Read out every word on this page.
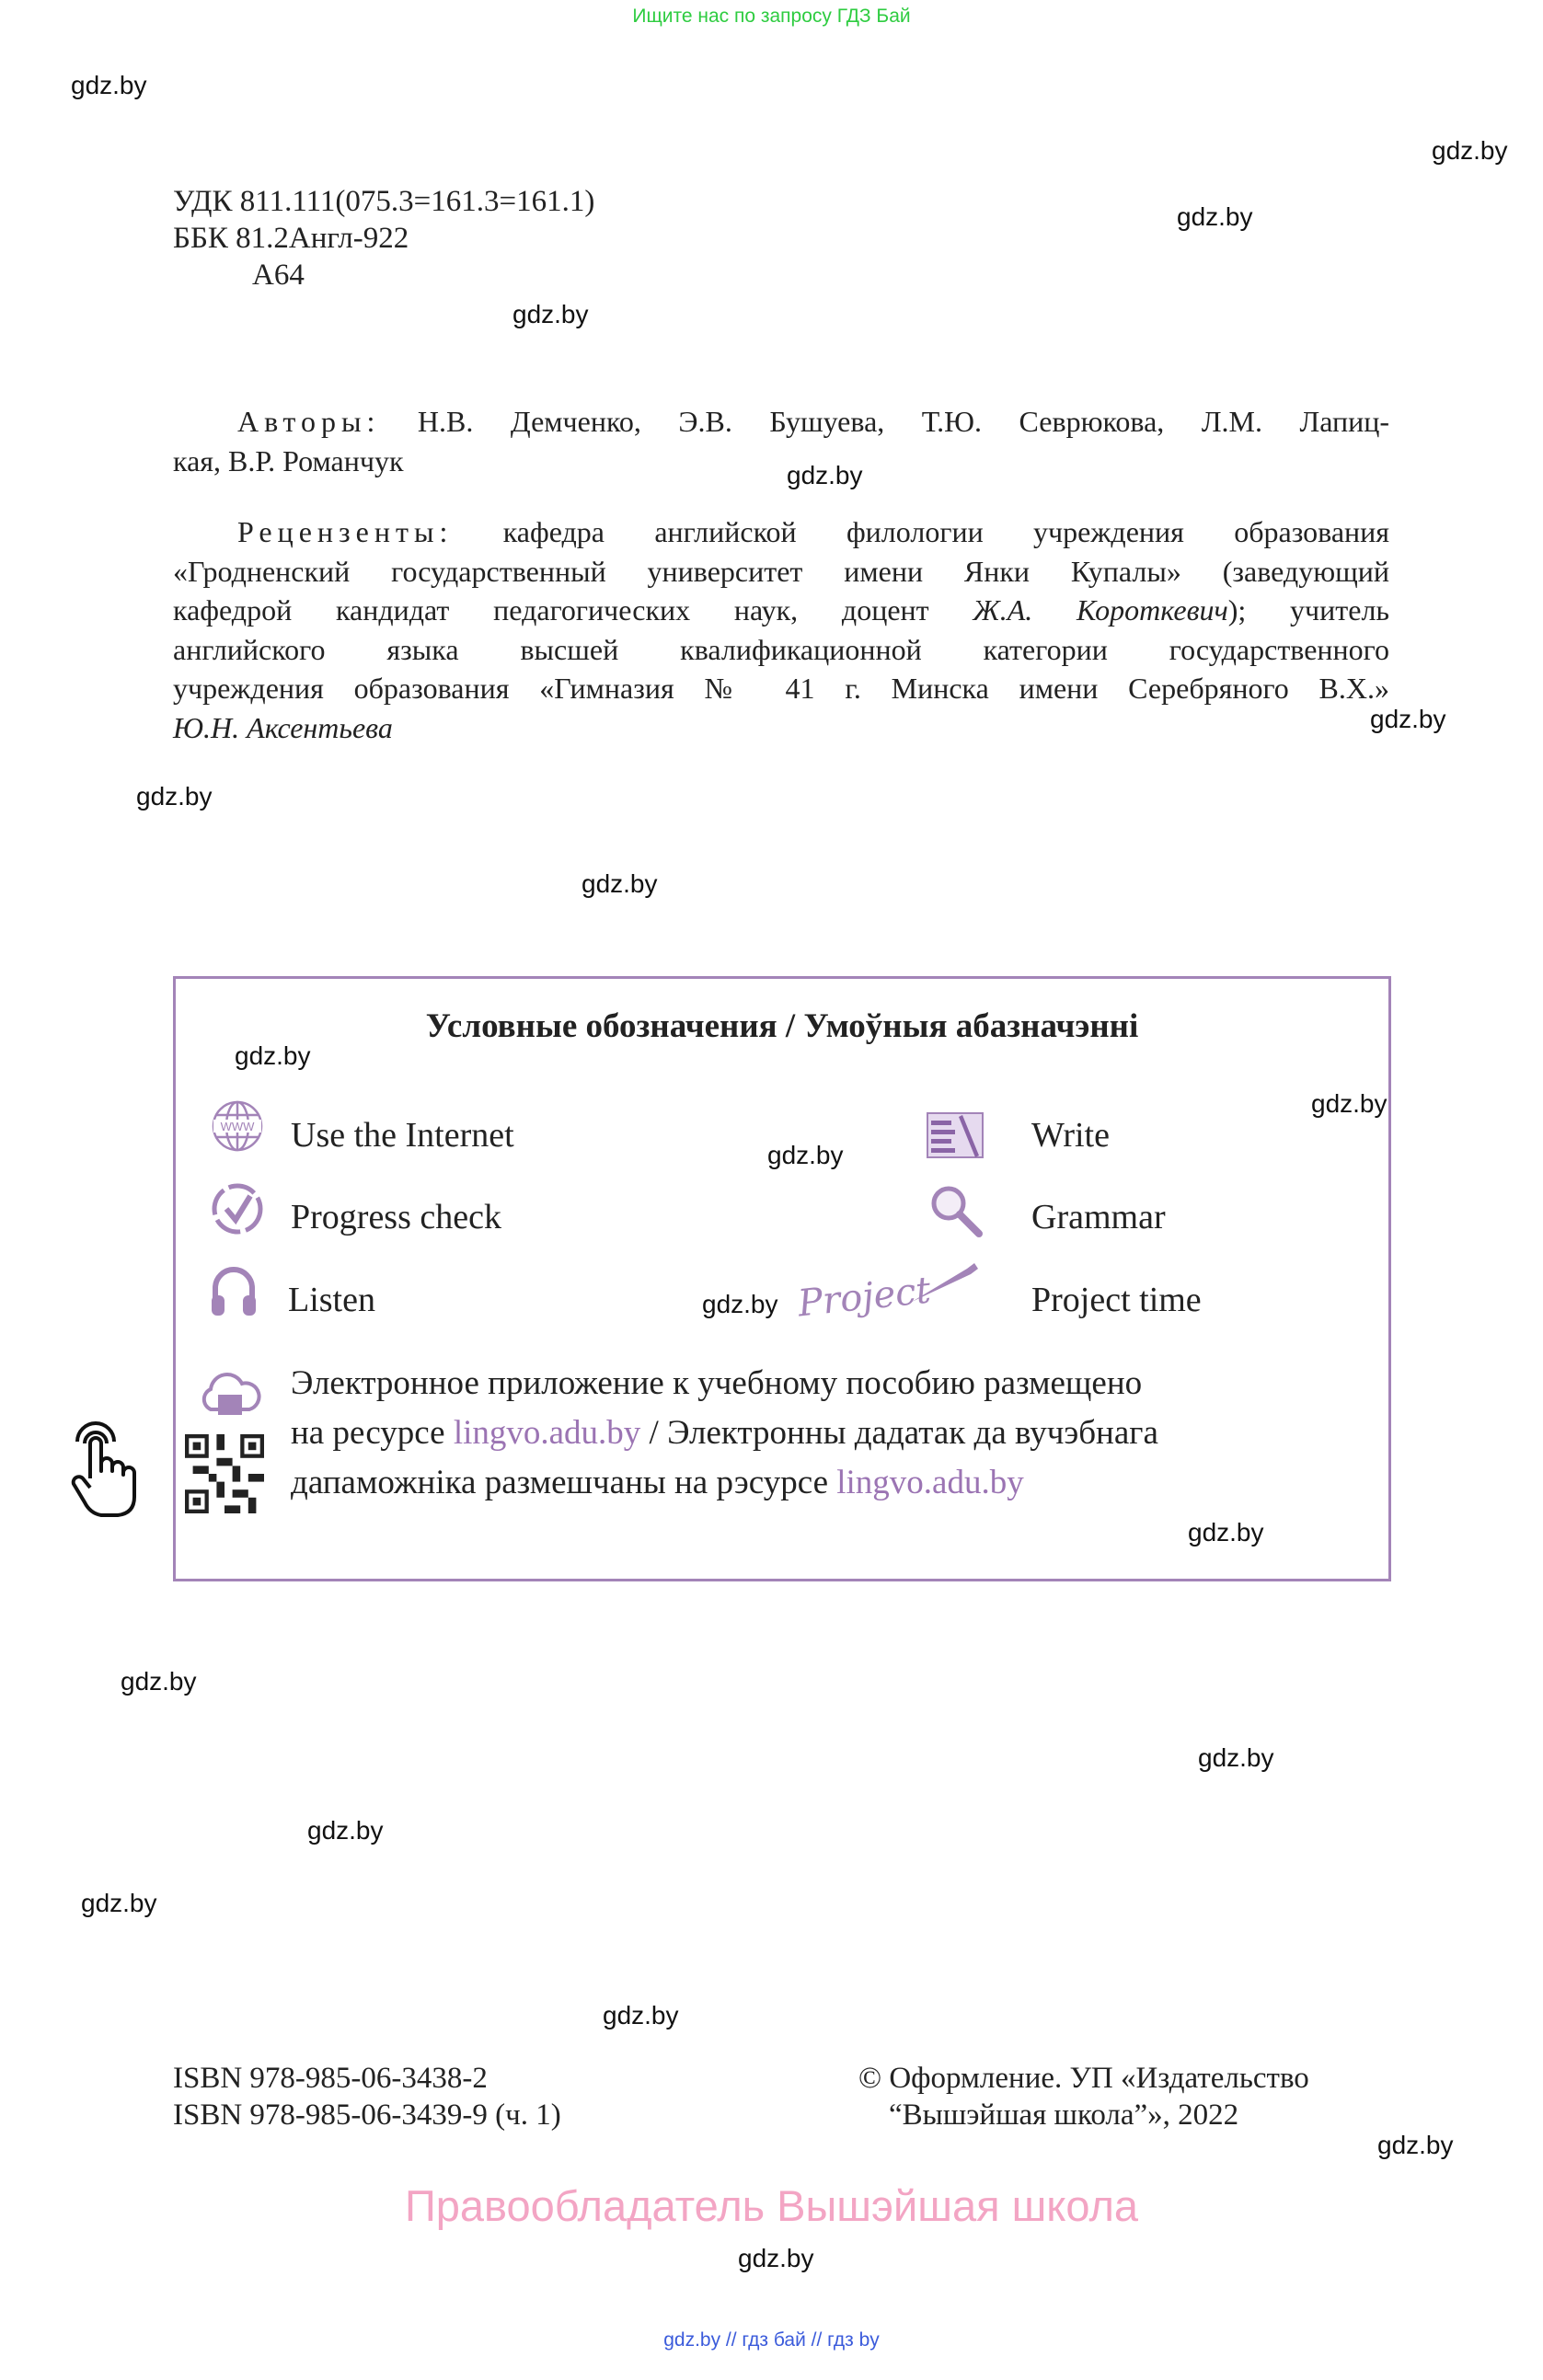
Ищите нас по запросу ГДЗ Бай
УДК 811.111(075.3=161.3=161.1)
ББК 81.2Англ-922
А64
Авторы: Н.В. Демченко, Э.В. Бушуева, Т.Ю. Севрюкова, Л.М. Лапиц-
кая, В.Р. Романчук
Рецензенты: кафедра английской филологии учреждения образования
«Гродненский государственный университет имени Янки Купалы» (заведующий
кафедрой кандидат педагогических наук, доцент Ж.А. Короткевич); учитель
английского языка высшей квалификационной категории государственного
учреждения образования «Гимназия № 41 г. Минска имени Серебряного В.Х.»
Ю.Н. Аксентьева
Условные обозначения / Умоўныя абазначэнні
WWW Use the Internet
Progress check
Listen
Write
Grammar
Project	Project time
Электронное приложение к учебному пособию размещено
на ресурсе lingvo.adu.by / Электронны дадатак да вучэбнага
дапаможніка размешчаны на рэсурсе lingvo.adu.by
ISBN 978-985-06-3438-2
ISBN 978-985-06-3439-9 (ч. 1)
© Оформление. УП «Издательство
“Вышэйшая школа”», 2022
Правообладатель Вышэйшая школа
gdz.by // гдз бай // гдз by
gdz.by
gdz.by
gdz.by
gdz.by
gdz.by
gdz.by
gdz.by
gdz.by
gdz.by
gdz.by
gdz.by
gdz.by
gdz.by
gdz.by
gdz.by
gdz.by
gdz.by
gdz.by
gdz.by
gdz.by
